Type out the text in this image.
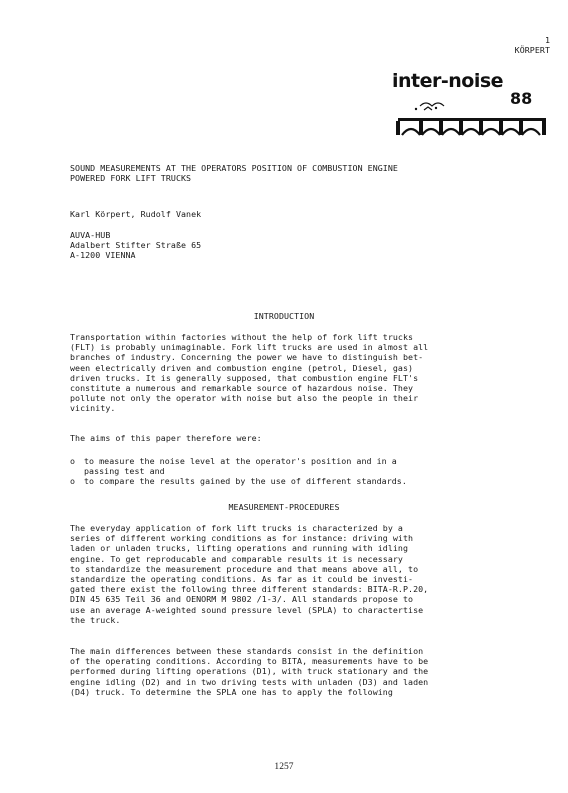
1
KÖRPERT
inter-noise
88
SOUND MEASUREMENTS AT THE OPERATORS POSITION OF COMBUSTION ENGINE
POWERED FORK LIFT TRUCKS
Karl Körpert, Rudolf Vanek
AUVA-HUB
Adalbert Stifter Straße 65
A-1200 VIENNA
INTRODUCTION
Transportation within factories without the help of fork lift trucks
(FLT) is probably unimaginable. Fork lift trucks are used in almost all
branches of industry. Concerning the power we have to distinguish bet-
ween electrically driven and combustion engine (petrol, Diesel, gas)
driven trucks. It is generally supposed, that combustion engine FLT's
constitute a numerous and remarkable source of hazardous noise. They
pollute not only the operator with noise but also the people in their
vicinity.
The aims of this paper therefore were:
o to measure the noise level at the operator's position and in a
passing test and
o to compare the results gained by the use of different standards.
MEASUREMENT-PROCEDURES
The everyday application of fork lift trucks is characterized by a
series of different working conditions as for instance: driving with
laden or unladen trucks, lifting operations and running with idling
engine. To get reproducable and comparable results it is necessary
to standardize the measurement procedure and that means above all, to
standardize the operating conditions. As far as it could be investi-
gated there exist the following three different standards: BITA-R.P.20,
DIN 45 635 Teil 36 and OENORM M 9802 /1-3/. All standards propose to
use an average A-weighted sound pressure level (SPLA) to charactertise
the truck.
The main differences between these standards consist in the definition
of the operating conditions. According to BITA, measurements have to be
performed during lifting operations (D1), with truck stationary and the
engine idling (D2) and in two driving tests with unladen (D3) and laden
(D4) truck. To determine the SPLA one has to apply the following
1257
